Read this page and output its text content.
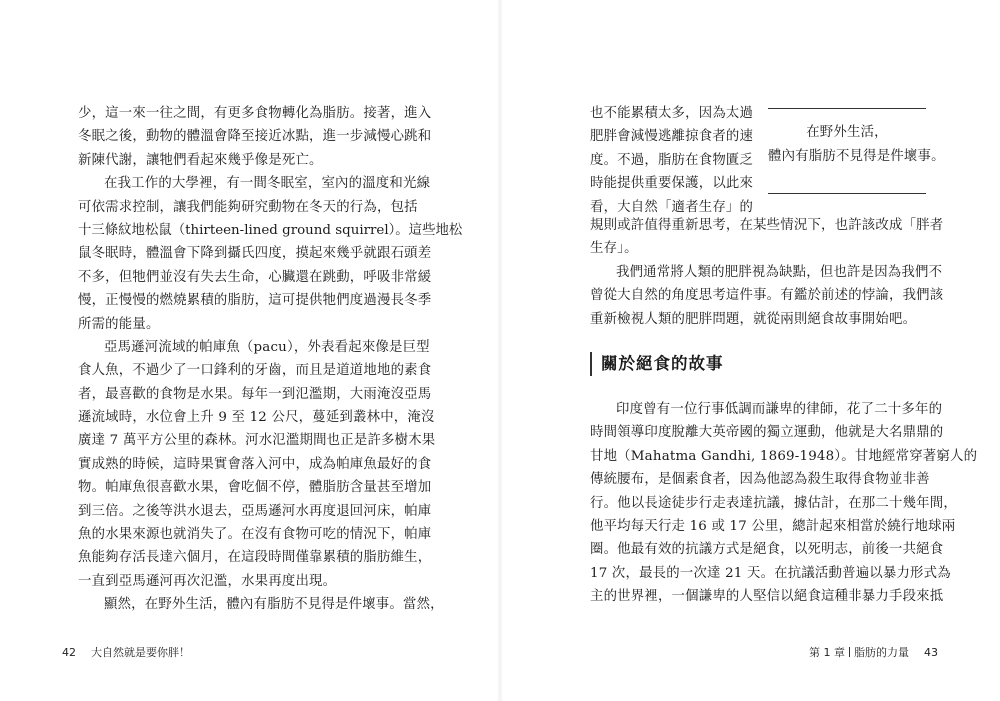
少，這一來一往之間，有更多食物轉化為脂肪。接著，進入
冬眠之後，動物的體溫會降至接近冰點，進一步減慢心跳和
新陳代謝，讓牠們看起來幾乎像是死亡。
在我工作的大學裡，有一間冬眠室，室內的溫度和光線
可依需求控制，讓我們能夠研究動物在冬天的行為，包括
十三條紋地松鼠（thirteen-lined ground squirrel）。這些地松
鼠冬眠時，體溫會下降到攝氏四度，摸起來幾乎就跟石頭差
不多，但牠們並沒有失去生命，心臟還在跳動，呼吸非常緩
慢，正慢慢的燃燒累積的脂肪，這可提供牠們度過漫長冬季
所需的能量。
亞馬遜河流域的帕庫魚（pacu），外表看起來像是巨型
食人魚，不過少了一口鋒利的牙齒，而且是道道地地的素食
者，最喜歡的食物是水果。每年一到氾濫期，大雨淹沒亞馬
遜流域時，水位會上升 9 至 12 公尺，蔓延到叢林中，淹沒
廣達 7 萬平方公里的森林。河水氾濫期間也正是許多樹木果
實成熟的時候，這時果實會落入河中，成為帕庫魚最好的食
物。帕庫魚很喜歡水果，會吃個不停，體脂肪含量甚至增加
到三倍。之後等洪水退去，亞馬遜河水再度退回河床，帕庫
魚的水果來源也就消失了。在沒有食物可吃的情況下，帕庫
魚能夠存活長達六個月，在這段時間僅靠累積的脂肪維生，
一直到亞馬遜河再次氾濫，水果再度出現。
顯然，在野外生活，體內有脂肪不見得是件壞事。當然，
42 大自然就是要你胖！
也不能累積太多，因為太過
肥胖會減慢逃離掠食者的速
度。不過，脂肪在食物匱乏
時能提供重要保護，以此來
看，大自然「適者生存」的
在野外生活，
體內有脂肪不見得是件壞事。
規則或許值得重新思考，在某些情況下，也許該改成「胖者
生存」。
我們通常將人類的肥胖視為缺點，但也許是因為我們不
曾從大自然的角度思考這件事。有鑑於前述的悖論，我們該
重新檢視人類的肥胖問題，就從兩則絕食故事開始吧。
關於絕食的故事
印度曾有一位行事低調而謙卑的律師，花了二十多年的
時間領導印度脫離大英帝國的獨立運動，他就是大名鼎鼎的
甘地（Mahatma Gandhi, 1869-1948）。甘地經常穿著窮人的
傳統腰布，是個素食者，因為他認為殺生取得食物並非善
行。他以長途徒步行走表達抗議，據估計，在那二十幾年間，
他平均每天行走 16 或 17 公里，總計起來相當於繞行地球兩
圈。他最有效的抗議方式是絕食，以死明志，前後一共絕食
17 次，最長的一次達 21 天。在抗議活動普遍以暴力形式為
主的世界裡，一個謙卑的人堅信以絕食這種非暴力手段來抵
第 1 章 脂肪的力量 43
